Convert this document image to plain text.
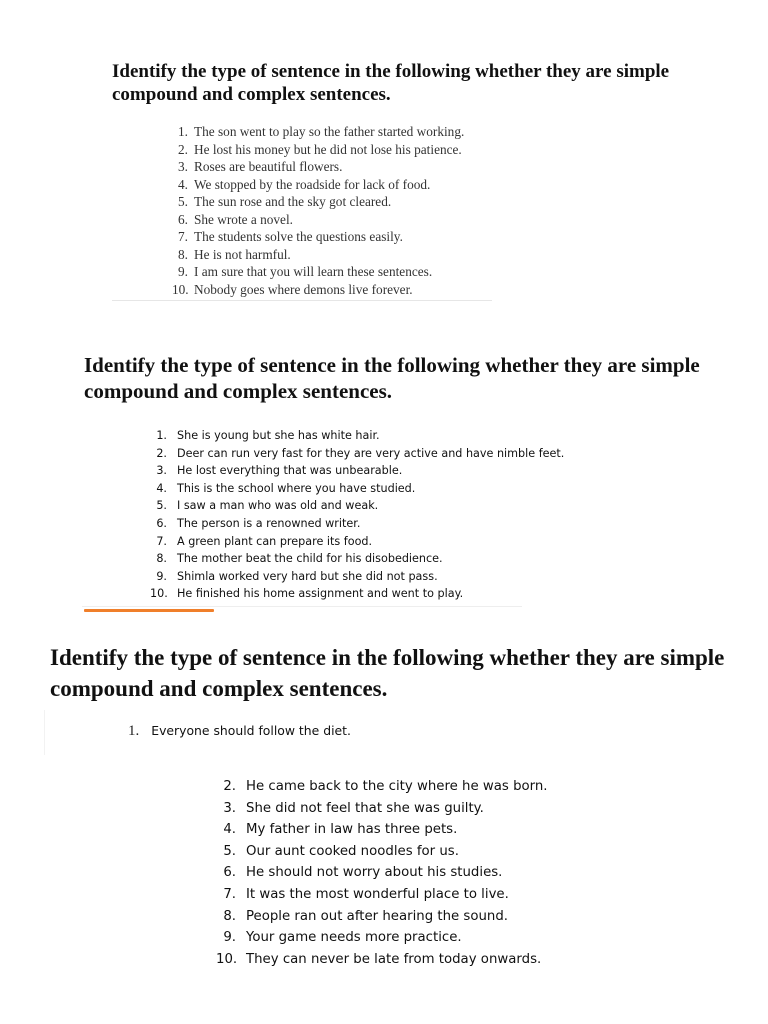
Identify the type of sentence in the following whether they are simple compound and complex sentences.
1. The son went to play so the father started working.
2. He lost his money but he did not lose his patience.
3. Roses are beautiful flowers.
4. We stopped by the roadside for lack of food.
5. The sun rose and the sky got cleared.
6. She wrote a novel.
7. The students solve the questions easily.
8. He is not harmful.
9. I am sure that you will learn these sentences.
10. Nobody goes where demons live forever.
Identify the type of sentence in the following whether they are simple compound and complex sentences.
1. She is young but she has white hair.
2. Deer can run very fast for they are very active and have nimble feet.
3. He lost everything that was unbearable.
4. This is the school where you have studied.
5. I saw a man who was old and weak.
6. The person is a renowned writer.
7. A green plant can prepare its food.
8. The mother beat the child for his disobedience.
9. Shimla worked very hard but she did not pass.
10. He finished his home assignment and went to play.
Identify the type of sentence in the following whether they are simple compound and complex sentences.
1. Everyone should follow the diet.
2. He came back to the city where he was born.
3. She did not feel that she was guilty.
4. My father in law has three pets.
5. Our aunt cooked noodles for us.
6. He should not worry about his studies.
7. It was the most wonderful place to live.
8. People ran out after hearing the sound.
9. Your game needs more practice.
10. They can never be late from today onwards.
